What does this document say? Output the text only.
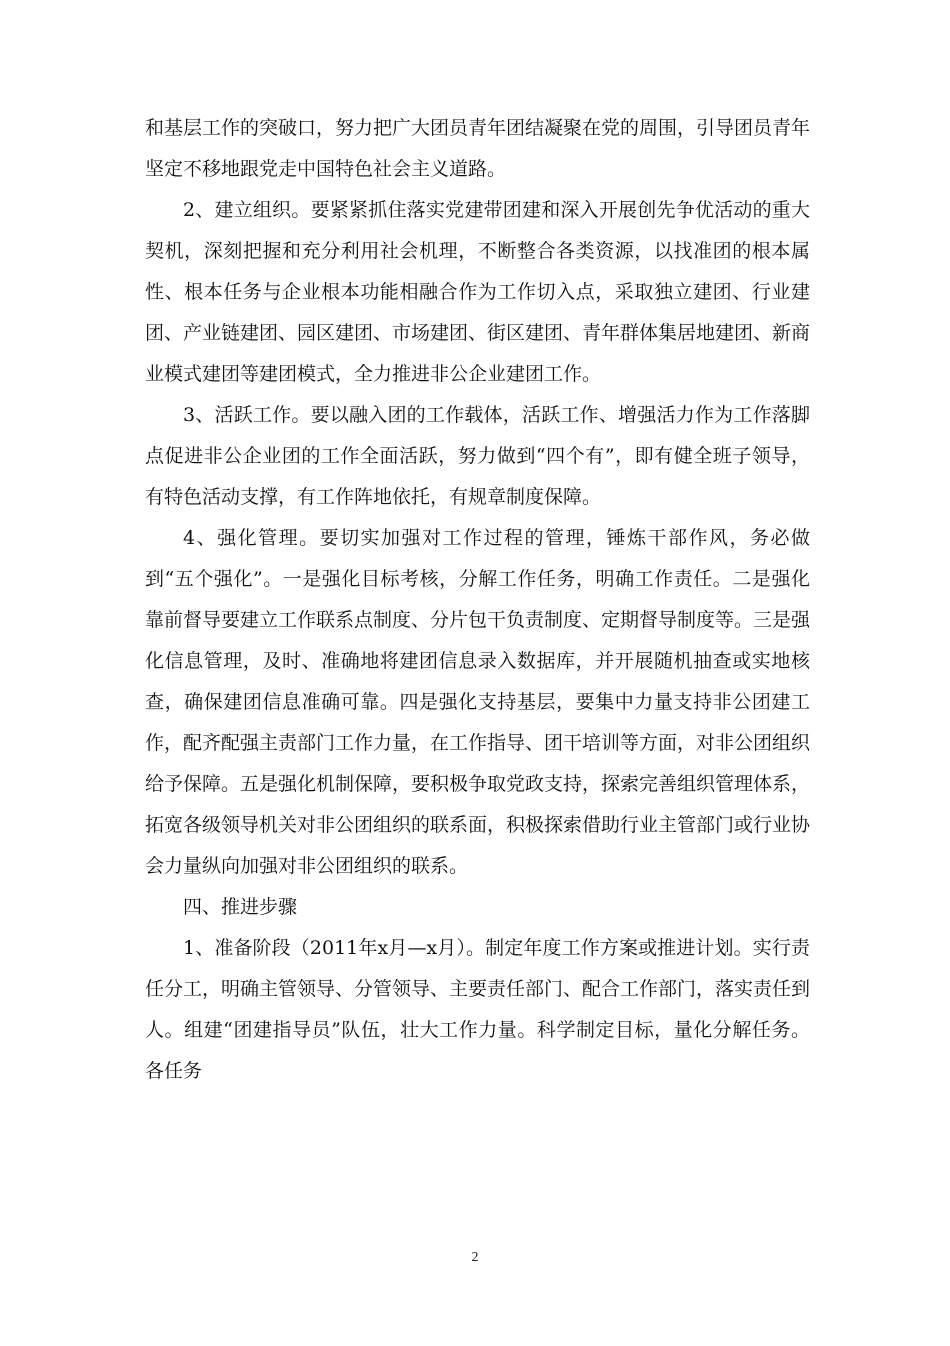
和基层工作的突破口，努力把广大团员青年团结凝聚在党的周围，引导团员青年坚定不移地跟党走中国特色社会主义道路。

2、建立组织。要紧紧抓住落实党建带团建和深入开展创先争优活动的重大契机，深刻把握和充分利用社会机理，不断整合各类资源，以找准团的根本属性、根本任务与企业根本功能相融合作为工作切入点，采取独立建团、行业建团、产业链建团、园区建团、市场建团、街区建团、青年群体集居地建团、新商业模式建团等建团模式，全力推进非公企业建团工作。

3、活跃工作。要以融入团的工作载体，活跃工作、增强活力作为工作落脚点促进非公企业团的工作全面活跃，努力做到“四个有”，即有健全班子领导，有特色活动支撑，有工作阵地依托，有规章制度保障。

4、强化管理。要切实加强对工作过程的管理，锤炼干部作风，务必做到“五个强化”。一是强化目标考核，分解工作任务，明确工作责任。二是强化靠前督导要建立工作联系点制度、分片包干负责制度、定期督导制度等。三是强化信息管理，及时、准确地将建团信息录入数据库，并开展随机抽查或实地核查，确保建团信息准确可靠。四是强化支持基层，要集中力量支持非公团建工作，配齐配强主责部门工作力量，在工作指导、团干培训等方面，对非公团组织给予保障。五是强化机制保障，要积极争取党政支持，探索完善组织管理体系，拓宽各级领导机关对非公团组织的联系面，积极探索借助行业主管部门或行业协会力量纵向加强对非公团组织的联系。

四、推进步骤

1、准备阶段（2011年x月—x月）。制定年度工作方案或推进计划。实行责任分工，明确主管领导、分管领导、主要责任部门、配合工作部门，落实责任到人。组建“团建指导员”队伍，壮大工作力量。科学制定目标，量化分解任务。各任务

2
